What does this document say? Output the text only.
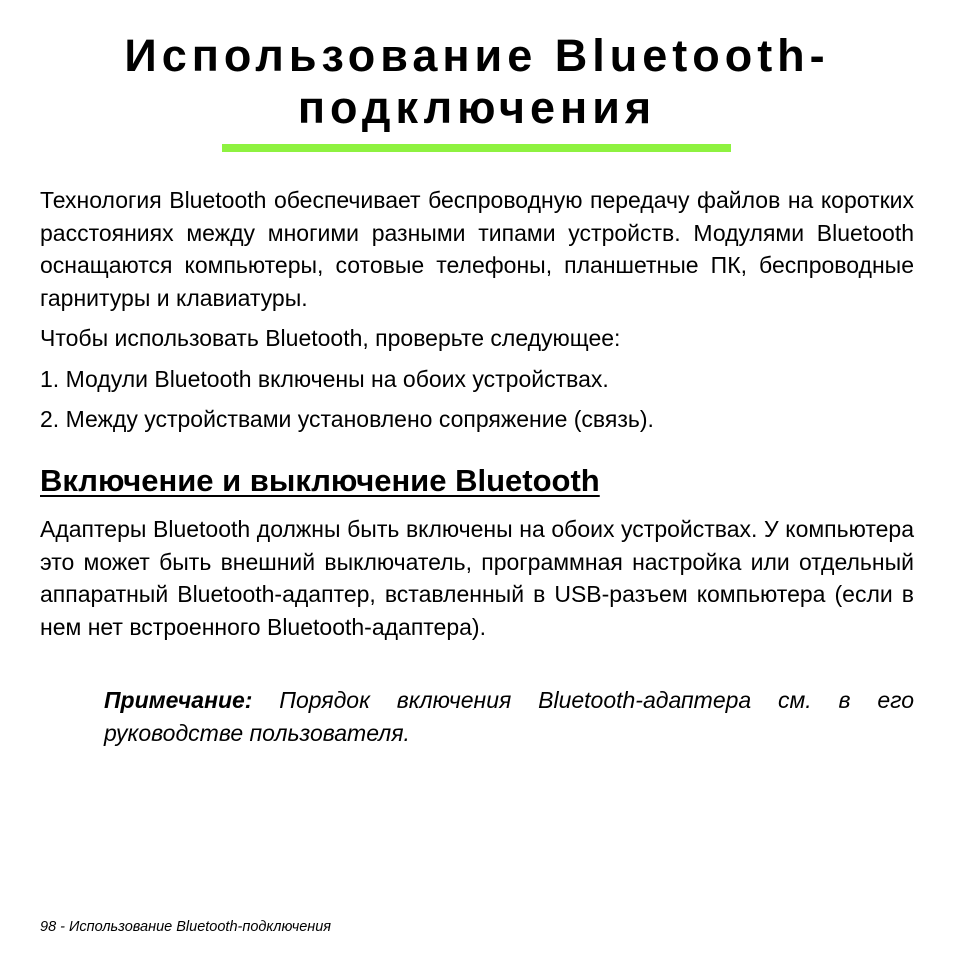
Использование Bluetooth-
подключения

Технология Bluetooth обеспечивает беспроводную передачу файлов на коротких расстояниях между многими разными типами устройств. Модулями Bluetooth оснащаются компьютеры, сотовые телефоны, планшетные ПК, беспроводные гарнитуры и клавиатуры.

Чтобы использовать Bluetooth, проверьте следующее:

1. Модули Bluetooth включены на обоих устройствах.

2. Между устройствами установлено сопряжение (связь).

Включение и выключение Bluetooth

Адаптеры Bluetooth должны быть включены на обоих устройствах. У компьютера это может быть внешний выключатель, программная настройка или отдельный аппаратный Bluetooth-адаптер, вставленный в USB-разъем компьютера (если в нем нет встроенного Bluetooth-адаптера).

Примечание: Порядок включения Bluetooth-адаптера см. в его руководстве пользователя.

98 - Использование Bluetooth-подключения
